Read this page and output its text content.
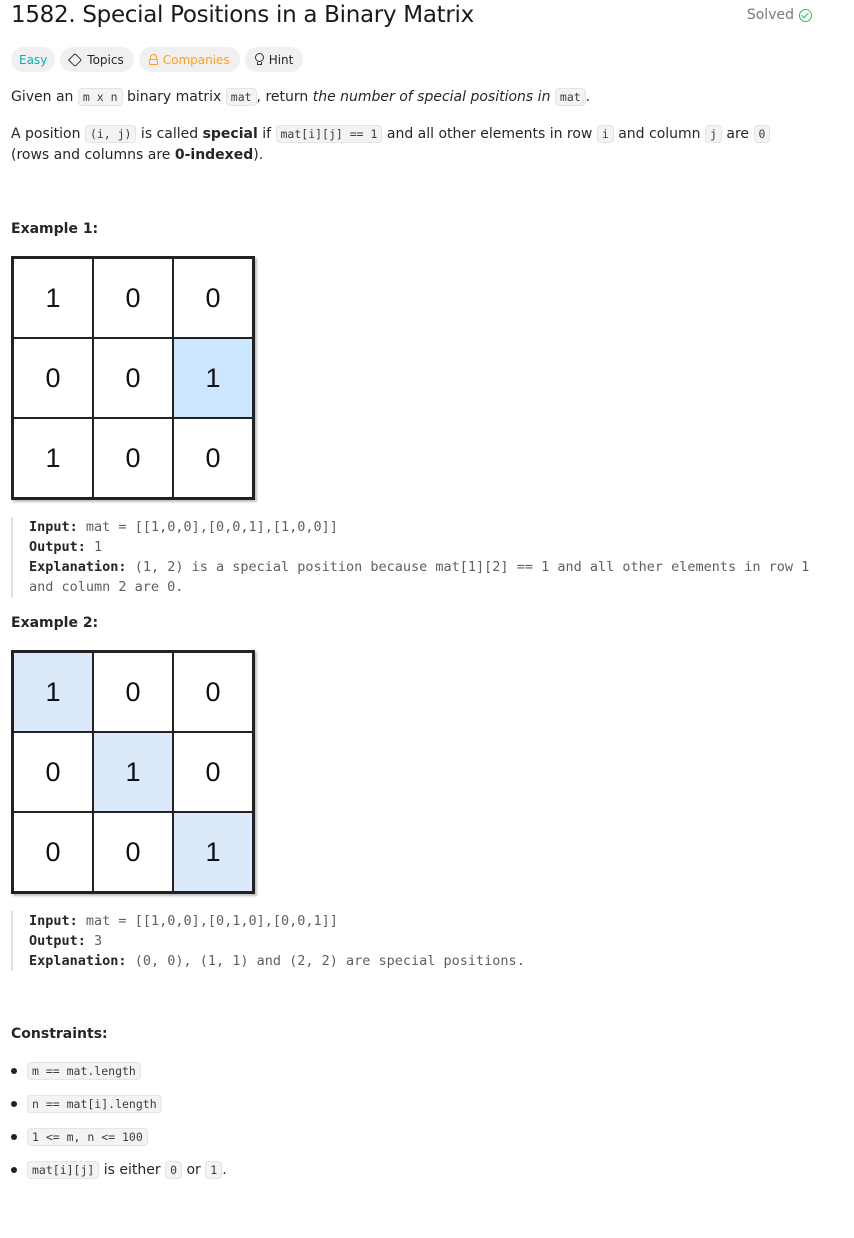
1582. Special Positions in a Binary Matrix	Solved
Easy	Topics	Companies	Hint
Given an m x n binary matrix mat , return the number of special positions in mat .
A position (i, j) is called special if mat[i][j] == 1 and all other elements in row i and column j are 0 (rows and columns are 0-indexed).
Example 1:
1	0	0
0	0	1
1	0	0
Input: mat = [[1,0,0],[0,0,1],[1,0,0]]
Output: 1
Explanation: (1, 2) is a special position because mat[1][2] == 1 and all other elements in row 1 and column 2 are 0.
Example 2:
1	0	0
0	1	0
0	0	1
Input: mat = [[1,0,0],[0,1,0],[0,0,1]]
Output: 3
Explanation: (0, 0), (1, 1) and (2, 2) are special positions.
Constraints:
m == mat.length
n == mat[i].length
1 <= m, n <= 100
mat[i][j] is either 0 or 1 .
